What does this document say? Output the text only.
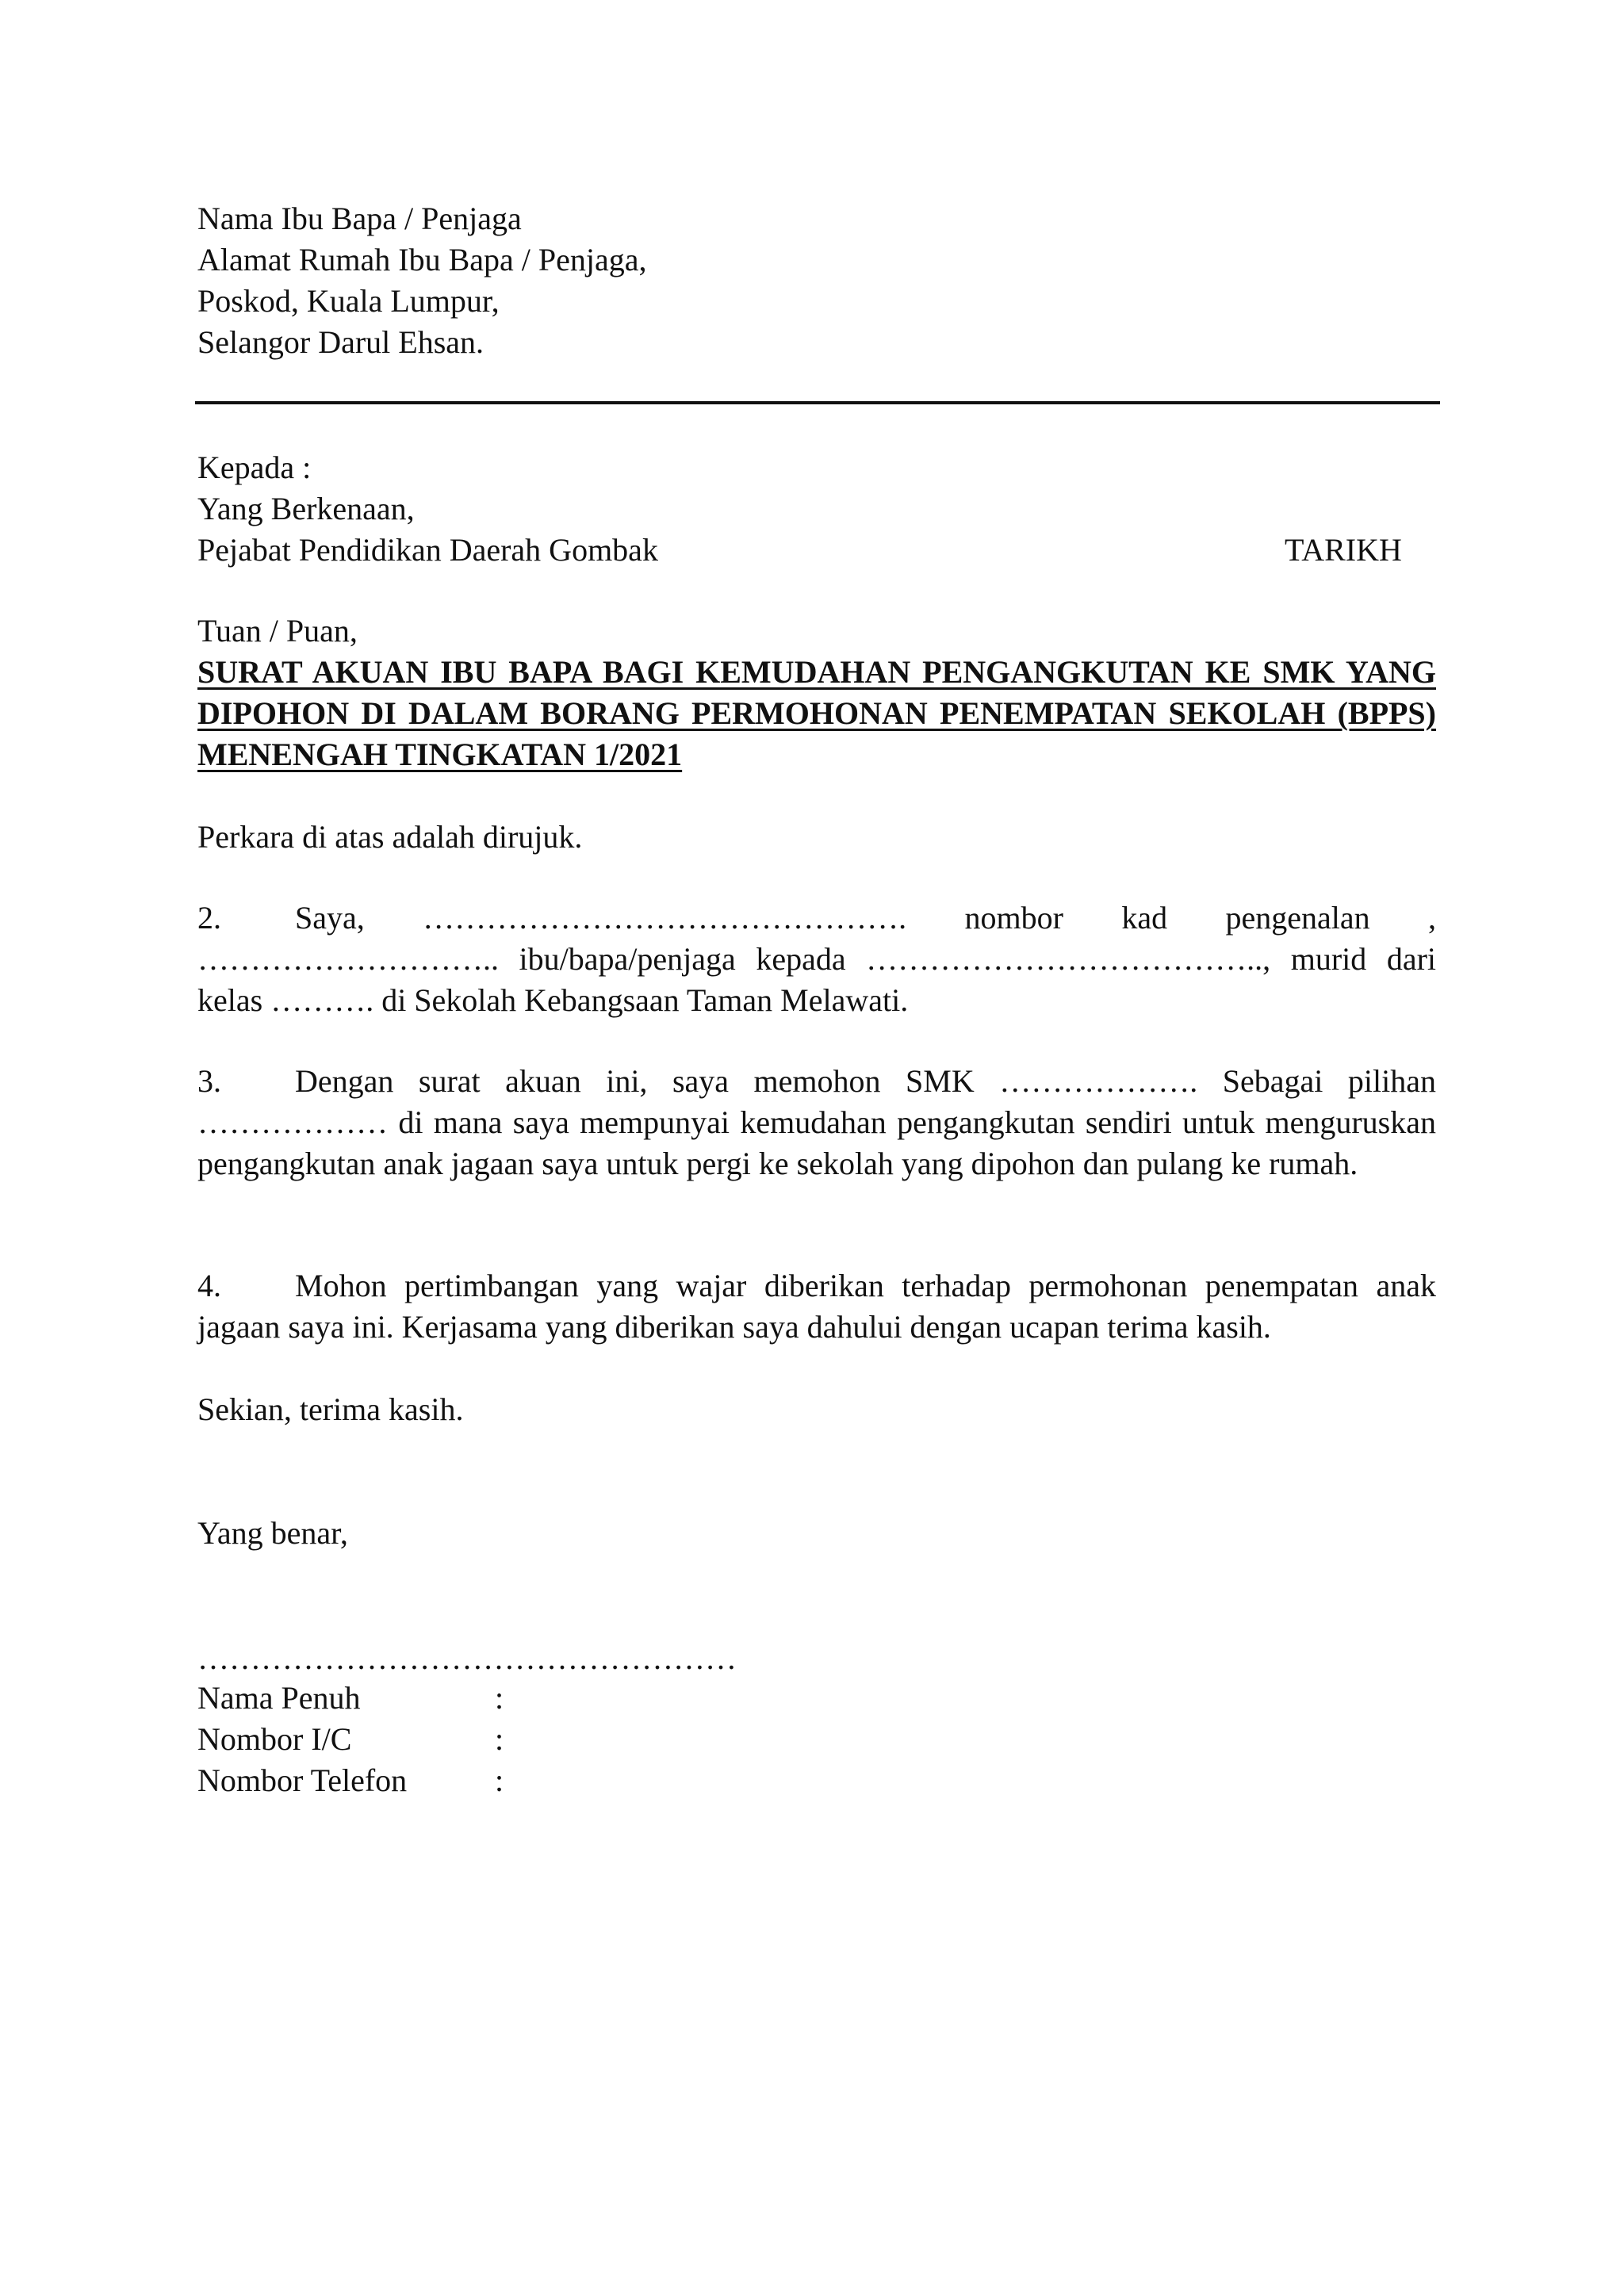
Nama Ibu Bapa / Penjaga
Alamat Rumah Ibu Bapa / Penjaga,
Poskod, Kuala Lumpur,
Selangor Darul Ehsan.
Kepada :
Yang Berkenaan,
Pejabat Pendidikan Daerah Gombak	TARIKH
Tuan / Puan,
SURAT AKUAN IBU BAPA BAGI KEMUDAHAN PENGANGKUTAN KE SMK YANG DIPOHON DI DALAM BORANG PERMOHONAN PENEMPATAN SEKOLAH (BPPS) MENENGAH TINGKATAN 1/2021
Perkara di atas adalah dirujuk.
2. Saya, ………………………………………. nombor kad pengenalan , ……………………….. ibu/bapa/penjaga kepada ……………………………….., murid dari kelas ………. di Sekolah Kebangsaan Taman Melawati.
3. Dengan surat akuan ini, saya memohon SMK ………………. Sebagai pilihan ……………… di mana saya mempunyai kemudahan pengangkutan sendiri untuk menguruskan pengangkutan anak jagaan saya untuk pergi ke sekolah yang dipohon dan pulang ke rumah.
4. Mohon pertimbangan yang wajar diberikan terhadap permohonan penempatan anak jagaan saya ini. Kerjasama yang diberikan saya dahului dengan ucapan terima kasih.
Sekian, terima kasih.
Yang benar,
……………………………………………
Nama Penuh	:
Nombor I/C	:
Nombor Telefon	:
